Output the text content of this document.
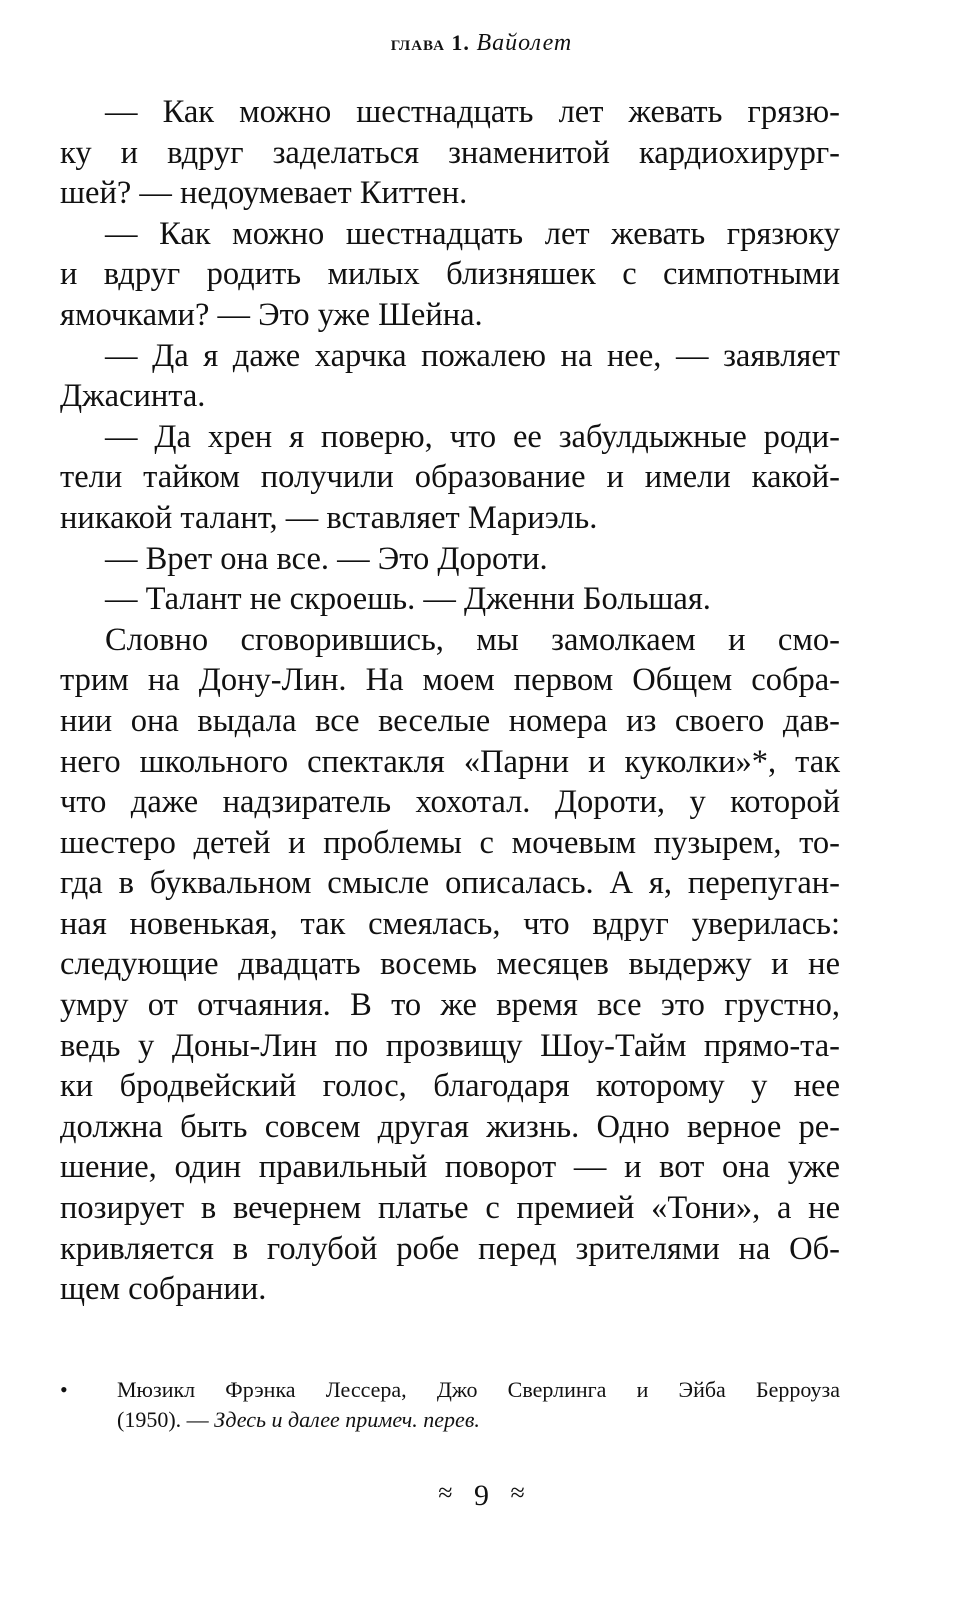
глава 1. Вайолет
— Как можно шестнадцать лет жевать грязю-
ку и вдруг заделаться знаменитой кардиохирург-
шей? — недоумевает Киттен.
— Как можно шестнадцать лет жевать грязюку
и вдруг родить милых близняшек с симпотными
ямочками? — Это уже Шейна.
— Да я даже харчка пожалею на нее, — заявляет
Джасинта.
— Да хрен я поверю, что ее забулдыжные роди-
тели тайком получили образование и имели какой-
никакой талант, — вставляет Мариэль.
— Врет она все. — Это Дороти.
— Талант не скроешь. — Дженни Большая.
Словно сговорившись, мы замолкаем и смо-
трим на Дону-Лин. На моем первом Общем собра-
нии она выдала все веселые номера из своего дав-
него школьного спектакля «Парни и куколки»*, так
что даже надзиратель хохотал. Дороти, у которой
шестеро детей и проблемы с мочевым пузырем, то-
гда в буквальном смысле описалась. А я, перепуган-
ная новенькая, так смеялась, что вдруг уверилась:
следующие двадцать восемь месяцев выдержу и не
умру от отчаяния. В то же время все это грустно,
ведь у Доны-Лин по прозвищу Шоу-Тайм прямо-та-
ки бродвейский голос, благодаря которому у нее
должна быть совсем другая жизнь. Одно верное ре-
шение, один правильный поворот — и вот она уже
позирует в вечернем платье с премией «Тони», а не
кривляется в голубой робе перед зрителями на Об-
щем собрании.
• Мюзикл Фрэнка Лессера, Джо Сверлинга и Эйба Берроуза
(1950). — Здесь и далее примеч. перев.
≈ 9 ≈
